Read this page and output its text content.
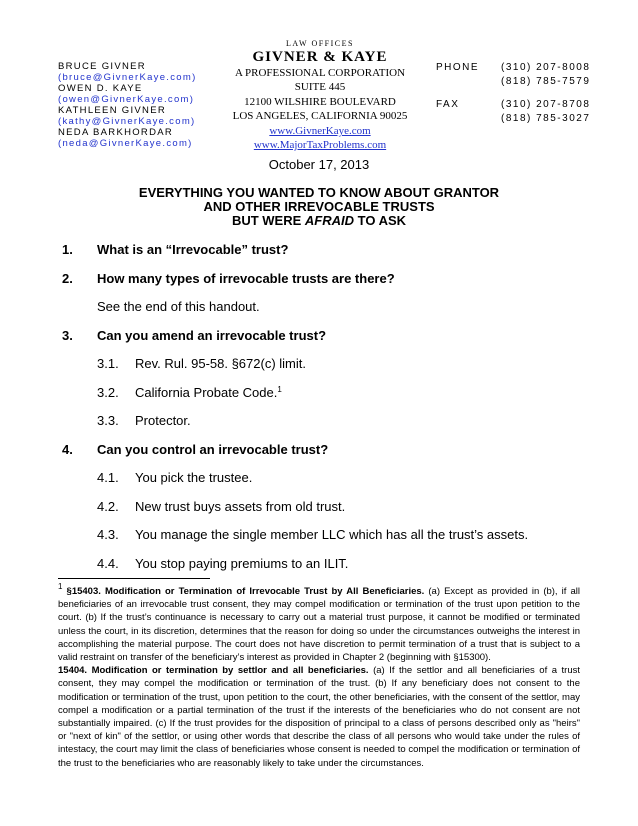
BRUCE GIVNER
(bruce@GivnerKaye.com)
OWEN D. KAYE
(owen@GivnerKaye.com)
KATHLEEN GIVNER
(kathy@GivnerKaye.com)
NEDA BARKHORDAR
(neda@GivnerKaye.com)
LAW OFFICES
GIVNER & KAYE
A PROFESSIONAL CORPORATION
SUITE 445
12100 WILSHIRE BOULEVARD
LOS ANGELES, CALIFORNIA 90025
www.GivnerKaye.com
www.MajorTaxProblems.com
PHONE (310) 207-8008
(818) 785-7579
FAX	(310) 207-8708
(818) 785-3027
October 17, 2013
EVERYTHING YOU WANTED TO KNOW ABOUT GRANTOR
AND OTHER IRREVOCABLE TRUSTS
BUT WERE AFRAID TO ASK
1. What is an “Irrevocable” trust?
2. How many types of irrevocable trusts are there?
See the end of this handout.
3. Can you amend an irrevocable trust?
3.1. Rev. Rul. 95-58. §672(c) limit.
3.2. California Probate Code.$^1$
3.3. Protector.
4. Can you control an irrevocable trust?
4.1. You pick the trustee.
4.2. New trust buys assets from old trust.
4.3. You manage the single member LLC which has all the trust’s assets.
4.4. You stop paying premiums to an ILIT.

$^1$ §15403. Modification or Termination of Irrevocable Trust by All Beneficiaries. (a) Except as provided in (b), if all beneficiaries of an irrevocable trust consent, they may compel modification or termination of the trust upon petition to the court. (b) If the trust’s continuance is necessary to carry out a material trust purpose, it cannot be modified or terminated unless the court, in its discretion, determines that the reason for doing so under the circumstances outweighs the interest in accomplishing the material purpose. The court does not have discretion to permit termination of a trust that is subject to a valid restraint on transfer of the beneficiary’s interest as provided in Chapter 2 (beginning with §15300).

15404. Modification or termination by settlor and all beneficiaries. (a) If the settlor and all beneficiaries of a trust consent, they may compel the modification or termination of the trust. (b) If any beneficiary does not consent to the modification or termination of the trust, upon petition to the court, the other beneficiaries, with the consent of the settlor, may compel a modification or a partial termination of the trust if the interests of the beneficiaries who do not consent are not substantially impaired. (c) If the trust provides for the disposition of principal to a class of persons described only as "heirs" or "next of kin" of the settlor, or using other words that describe the class of all persons who would take under the rules of intestacy, the court may limit the class of beneficiaries whose consent is needed to compel the modification or termination of the trust to the beneficiaries who are reasonably likely to take under the circumstances.
